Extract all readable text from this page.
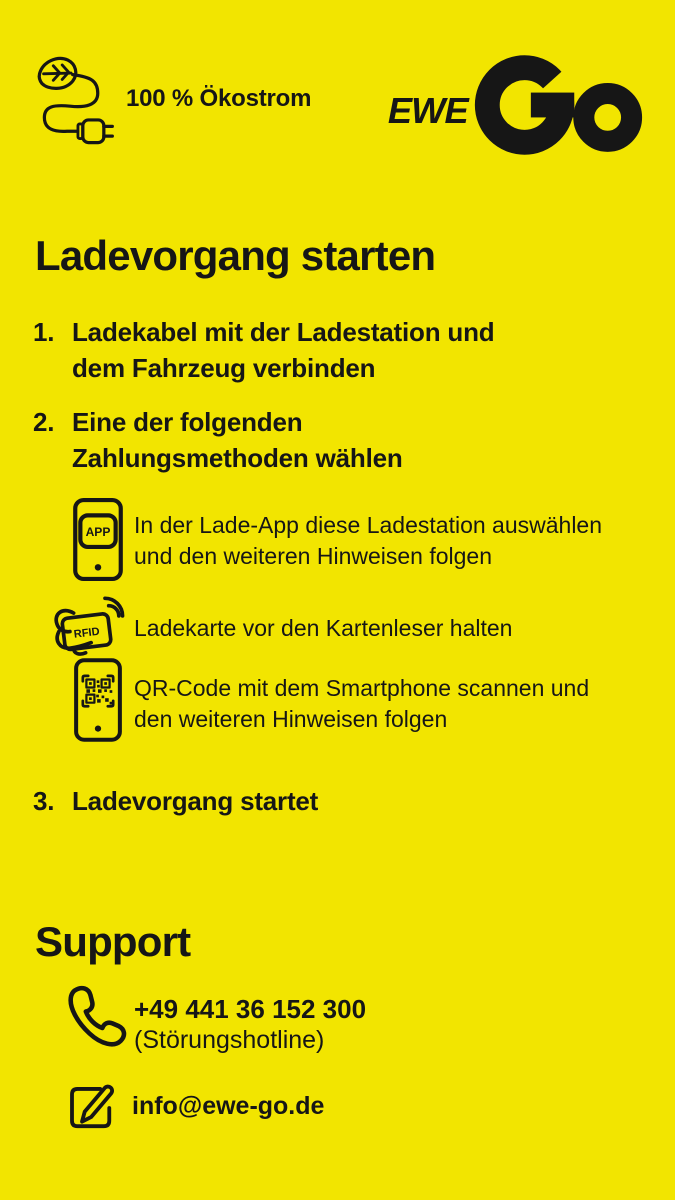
100 % Ökostrom EWE
Ladevorgang starten
1. Ladekabel mit der Ladestation und
dem Fahrzeug verbinden
2. Eine der folgenden
Zahlungsmethoden wählen
APP In der Lade-App diese Ladestation auswählen
und den weiteren Hinweisen folgen
RFID Ladekarte vor den Kartenleser halten
QR-Code mit dem Smartphone scannen und
den weiteren Hinweisen folgen
3. Ladevorgang startet
Support
+49 441 36 152 300
(Störungshotline)
info@ewe-go.de
